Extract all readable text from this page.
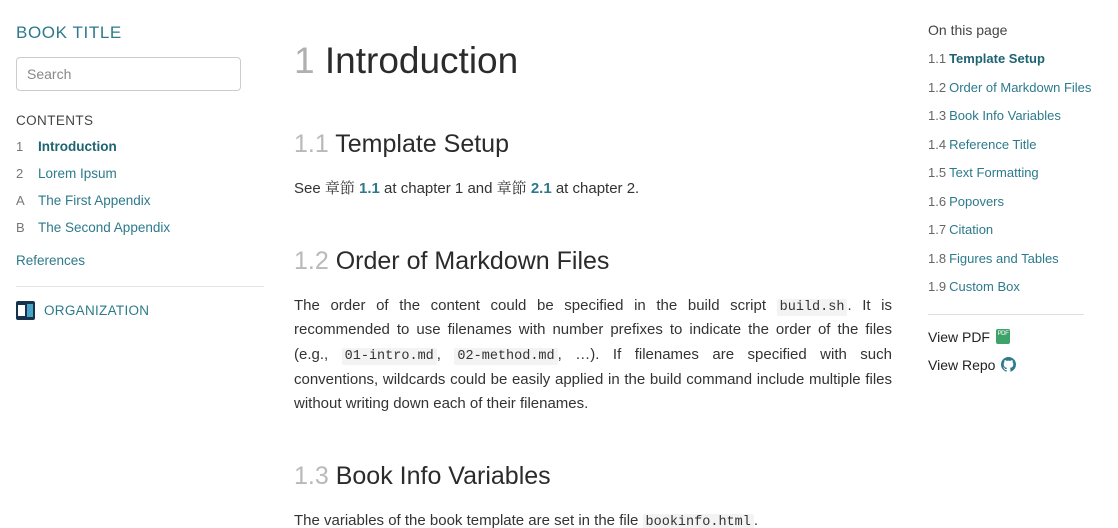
BOOK TITLE
Search
CONTENTS
1	Introduction
2	Lorem Ipsum
A The First Appendix
B The Second Appendix
References
ORGANIZATION
1 Introduction
1.1 Template Setup

See 章節 1.1 at chapter 1 and 章節 2.1 at chapter 2.

1.2 Order of Markdown Files

The order of the content could be specified in the build script build.sh . It is recommended to use filenames with number prefixes to indicate the order of the files (e.g., 01-intro.md , 02-method.md , …). If filenames are specified with such conventions, wildcards could be easily applied in the build command include multiple files without writing down each of their filenames.

1.3 Book Info Variables

The variables of the book template are set in the file bookinfo.html .

On this page
1.1 Template Setup
1.2 Order of Markdown Files
1.3 Book Info Variables
1.4 Reference Title
1.5 Text Formatting
1.6 Popovers
1.7 Citation
1.8 Figures and Tables
1.9 Custom Box
View PDF
PDF
View Repo
